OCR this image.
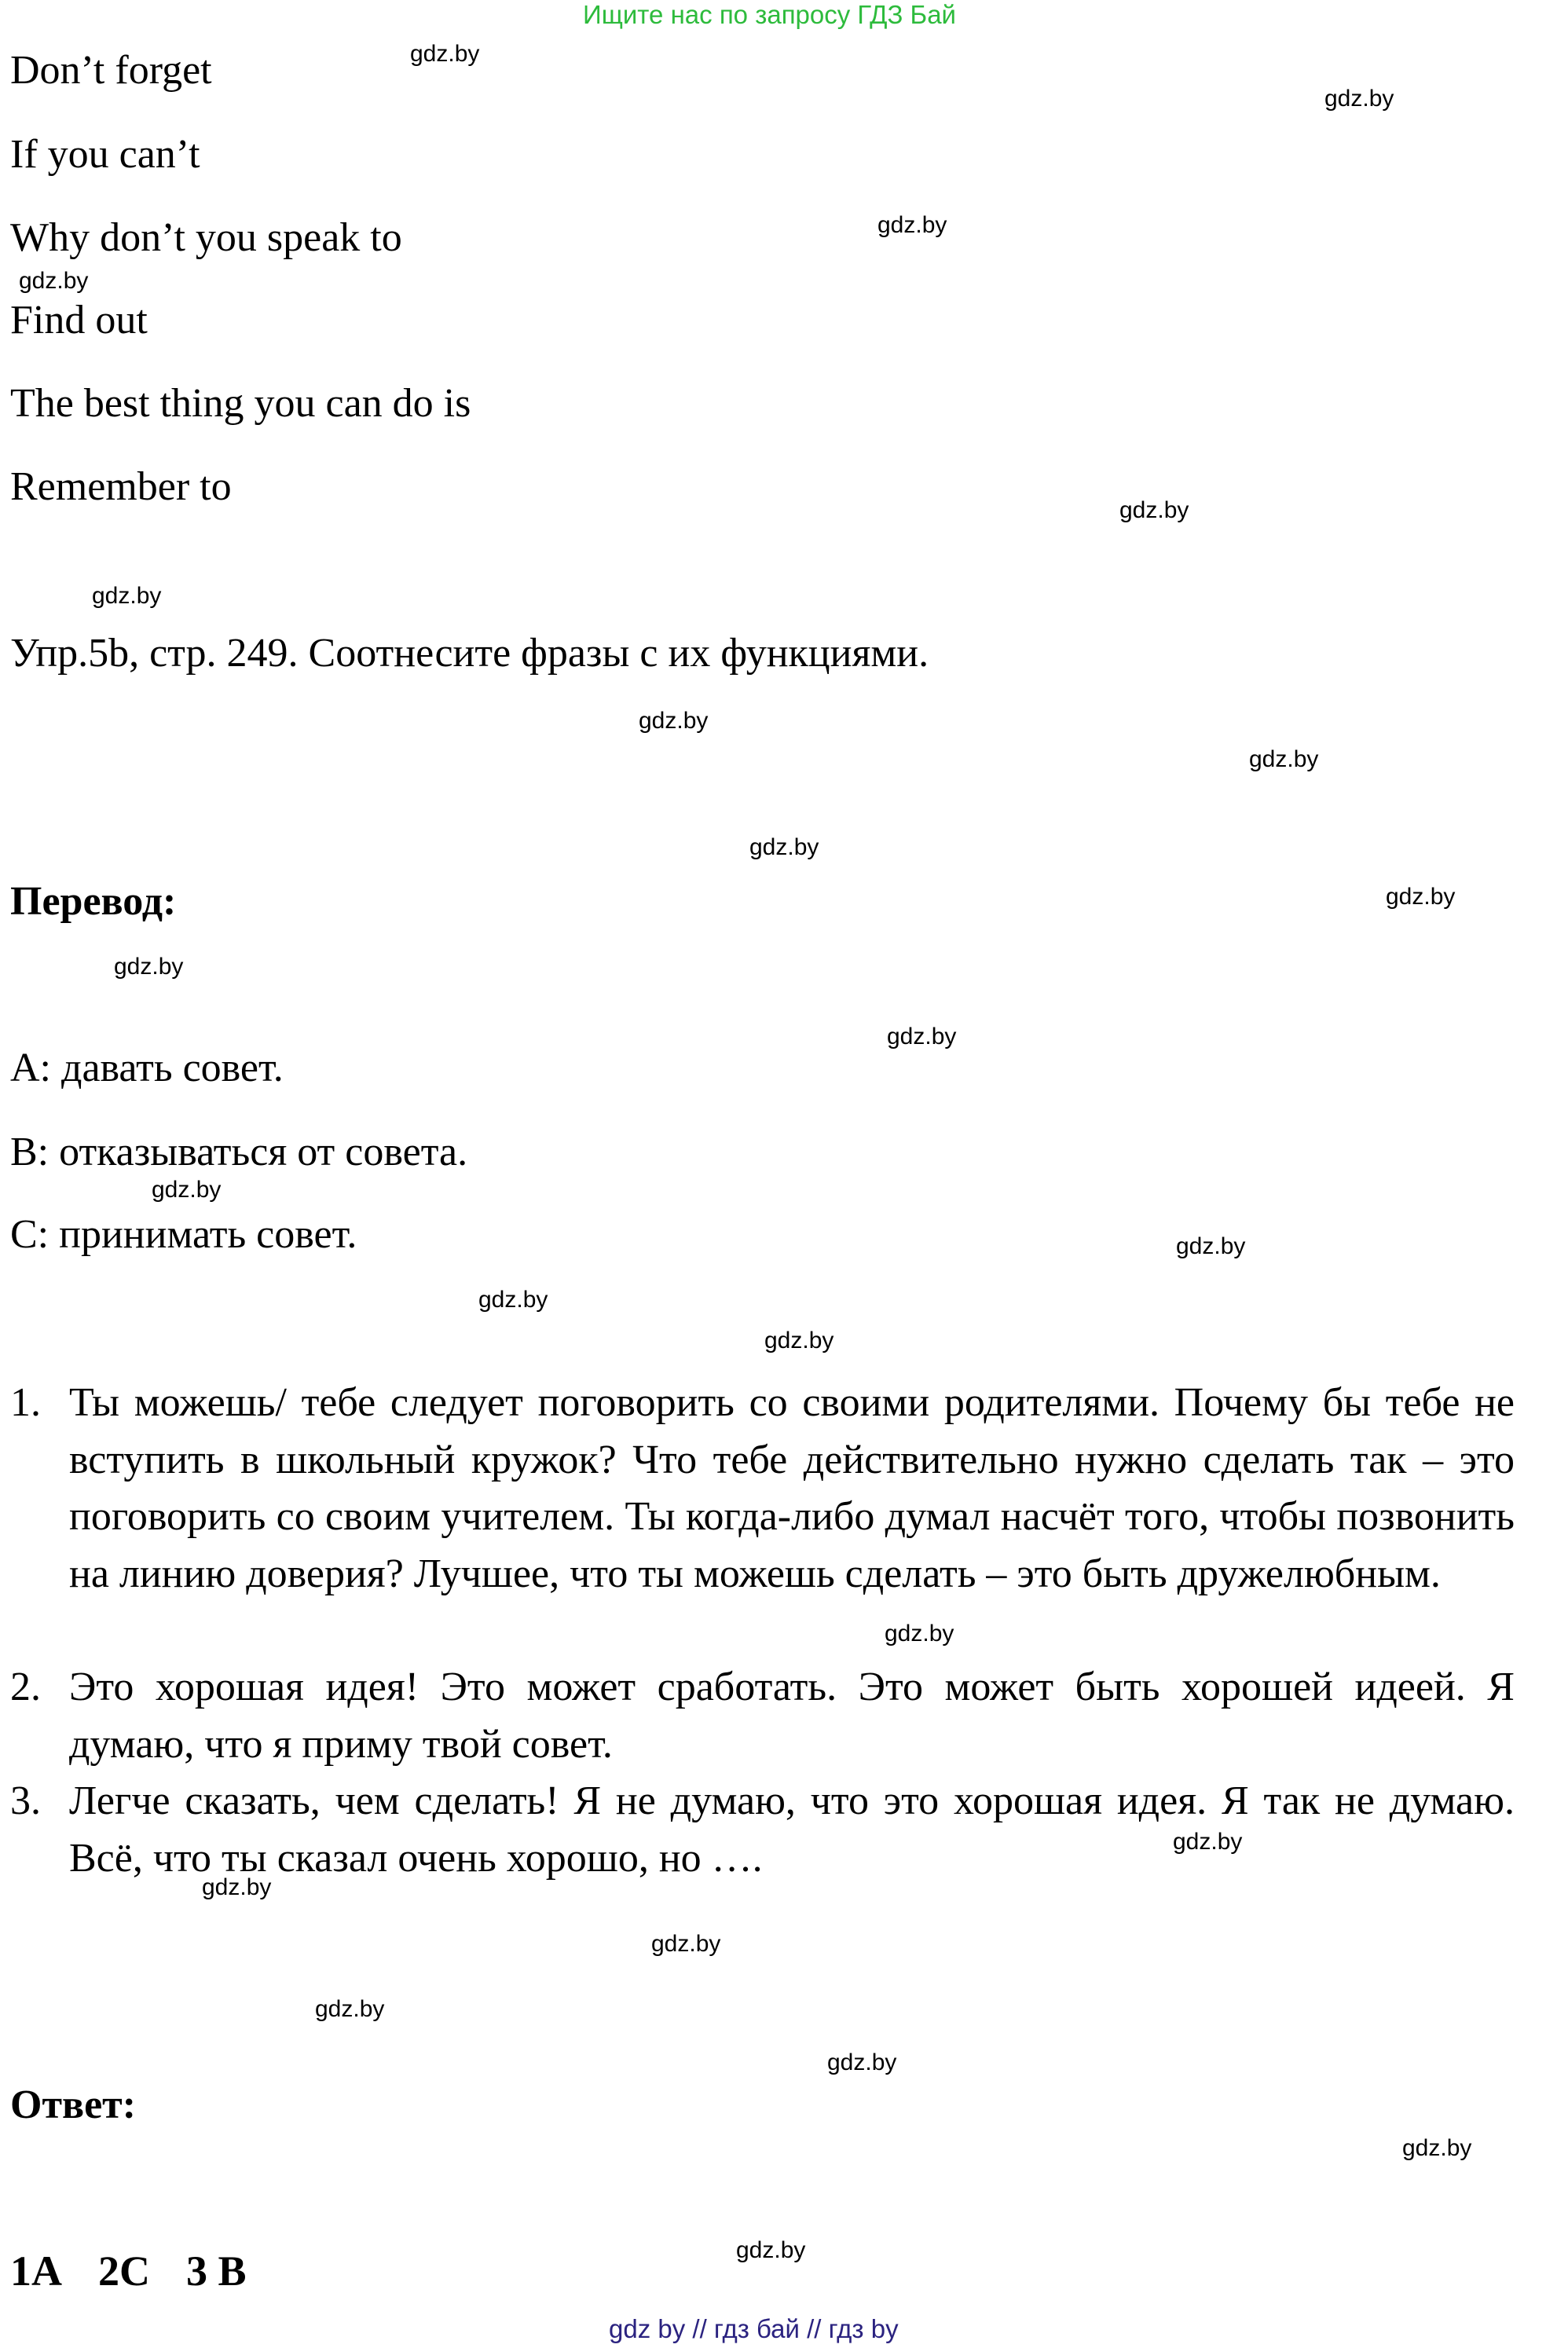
Ищите нас по запросу ГДЗ Бай
Don’t forget
If you can’t
Why don’t you speak to
Find out
The best thing you can do is
Remember to
Упр.5b, стр. 249. Соотнесите фразы с их функциями.
Перевод:
A: давать совет.
B: отказываться от совета.
C: принимать совет.
1. Ты можешь/ тебе следует поговорить со своими родителями. Почему бы тебе не вступить в школьный кружок? Что тебе действительно нужно сделать так – это поговорить со своим учителем. Ты когда-либо думал насчёт того, чтобы позвонить на линию доверия? Лучшее, что ты можешь сделать – это быть дружелюбным.
2. Это хорошая идея! Это может сработать. Это может быть хорошей идеей. Я думаю, что я приму твой совет.
3. Легче сказать, чем сделать! Я не думаю, что это хорошая идея. Я так не думаю. Всё, что ты сказал очень хорошо, но ….
Ответ:
1A 2C 3 B
gdz.by
gdz.by
gdz.by
gdz.by
gdz.by
gdz.by
gdz.by
gdz.by
gdz.by
gdz.by
gdz.by
gdz.by
gdz.by
gdz.by
gdz.by
gdz.by
gdz.by
gdz.by
gdz.by
gdz.by
gdz.by
gdz.by
gdz.by
gdz.by
gdz by // гдз бай // гдз by
